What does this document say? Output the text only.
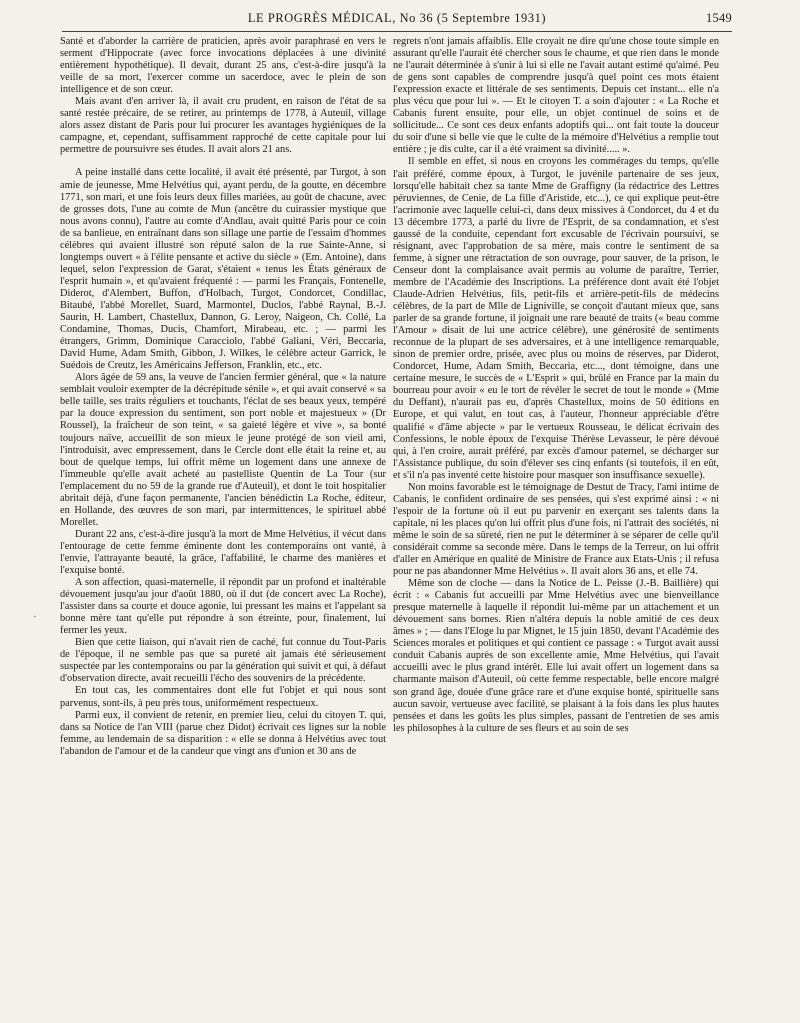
LE PROGRÈS MÉDICAL, No 36 (5 Septembre 1931)	1549
·

Santé et d'aborder la carrière de praticien, après avoir paraphrasé en vers le serment d'Hippocrate (avec force invocations déplacées à une divinité entièrement hypothétique). Il devait, durant 25 ans, c'est-à-dire jusqu'à la veille de sa mort, l'exercer comme un sacerdoce, avec le plein de son intelligence et de son cœur.

Mais avant d'en arriver là, il avait cru prudent, en raison de l'état de sa santé restée précaire, de se retirer, au printemps de 1778, à Auteuil, village alors assez distant de Paris pour lui procurer les avantages hygiéniques de la campagne, et, cependant, suffisamment rapproché de cette capitale pour lui permettre de poursuivre ses études. Il avait alors 21 ans.

A peine installé dans cette localité, il avait été présenté, par Turgot, à son amie de jeunesse, Mme Helvétius qui, ayant perdu, de la goutte, en décembre 1771, son mari, et une fois leurs deux filles mariées, au goût de chacune, avec de grosses dots, l'une au comte de Mun (ancêtre du cuirassier mystique que nous avons connu), l'autre au comte d'Andlau, avait quitté Paris pour ce coin de sa banlieue, en entraînant dans son sillage une partie de l'essaim d'hommes célèbres qui avaient illustré son réputé salon de la rue Sainte-Anne, si longtemps ouvert « à l'élite pensante et active du siècle » (Em. Antoine), dans lequel, selon l'expression de Garat, s'étaient « tenus les États généraux de l'esprit humain », et qu'avaient fréquenté : — parmi les Français, Fontenelle, Diderot, d'Alembert, Buffon, d'Holbach, Turgot, Condorcet, Condillac, Bitaubé, l'abbé Morellet, Suard, Marmontel, Duclos, l'abbé Raynal, B.-J. Saurin, H. Lambert, Chastellux, Dannon, G. Leroy, Naigeon, Ch. Collé, La Condamine, Thomas, Ducis, Chamfort, Mirabeau, etc. ; — parmi les étrangers, Grimm, Dominique Caracciolo, l'abbé Galiani, Véri, Beccaria, David Hume, Adam Smith, Gibbon, J. Wilkes, le célèbre acteur Garrick, le Suédois de Creutz, les Américains Jefferson, Franklin, etc., etc.

Alors âgée de 59 ans, la veuve de l'ancien fermier général, que « la nature semblait vouloir exempter de la décrépitude sénile », et qui avait conservé « sa belle taille, ses traits réguliers et touchants, l'éclat de ses beaux yeux, tempéré par la douce expression du sentiment, son port noble et majestueux » (Dr Roussel), la fraîcheur de son teint, « sa gaieté légère et vive », sa bonté toujours naïve, accueillit de son mieux le jeune protégé de son vieil ami, l'introduisit, avec empressement, dans le Cercle dont elle était la reine et, au bout de quelque temps, lui offrit même un logement dans une annexe de l'immeuble qu'elle avait acheté au pastelliste Quentin de La Tour (sur l'emplacement du no 59 de la grande rue d'Auteuil), et dont le toit hospitalier abritait déjà, d'une façon permanente, l'ancien bénédictin La Roche, éditeur, en Hollande, des œuvres de son mari, par intermittences, le spirituel abbé Morellet.

Durant 22 ans, c'est-à-dire jusqu'à la mort de Mme Helvétius, il vécut dans l'entourage de cette femme éminente dont les contemporains ont vanté, à l'envie, l'attrayante beauté, la grâce, l'affabilité, le charme des manières et l'exquise bonté.

A son affection, quasi-maternelle, il répondit par un profond et inaltérable dévouement jusqu'au jour d'août 1880, où il dut (de concert avec La Roche), l'assister dans sa courte et douce agonie, lui pressant les mains et l'appelant sa bonne mère tant qu'elle put répondre à son étreinte, pour, finalement, lui fermer les yeux.

Bien que cette liaison, qui n'avait rien de caché, fut connue du Tout-Paris de l'époque, il ne semble pas que sa pureté ait jamais été sérieusement suspectée par les contemporains ou par la génération qui suivit et qui, à défaut d'observation directe, avait recueilli l'écho des souvenirs de la précédente.

En tout cas, les commentaires dont elle fut l'objet et qui nous sont parvenus, sont-ils, à peu près tous, uniformément respectueux.

Parmi eux, il convient de retenir, en premier lieu, celui du citoyen T. qui, dans sa Notice de l'an VIII (parue chez Didot) écrivait ces lignes sur la noble femme, au lendemain de sa disparition : « elle se donna à Helvétius avec tout l'abandon de l'amour et de la candeur que vingt ans d'union et 30 ans de

regrets n'ont jamais affaiblis. Elle croyait ne dire qu'une chose toute simple en assurant qu'elle l'aurait été chercher sous le chaume, et que rien dans le monde ne l'aurait déterminée à s'unir à lui si elle ne l'avait autant estimé qu'aimé. Peu de gens sont capables de comprendre jusqu'à quel point ces mots étaient l'expression exacte et littérale de ses sentiments. Depuis cet instant... elle n'a plus vécu que pour lui ». — Et le citoyen T. a soin d'ajouter : « La Roche et Cabanis furent ensuite, pour elle, un objet continuel de soins et de sollicitude... Ce sont ces deux enfants adoptifs qui... ont fait toute la douceur du soir d'une si belle vie que le culte de la mémoire d'Helvétius a remplie tout entière ; je dis culte, car il a été vraiment sa divinité..... ».

Il semble en effet, si nous en croyons les commérages du temps, qu'elle l'ait préféré, comme époux, à Turgot, le juvénile partenaire de ses jeux, lorsqu'elle habitait chez sa tante Mme de Graffigny (la rédactrice des Lettres péruviennes, de Cenie, de La fille d'Aristide, etc...), ce qui explique peut-être l'acrimonie avec laquelle celui-ci, dans deux missives à Condorcet, du 4 et du 13 décembre 1773, a parlé du livre de l'Esprit, de sa condamnation, et s'est gaussé de la conduite, cependant fort excusable de l'écrivain poursuivi, se résignant, avec l'approbation de sa mère, mais contre le sentiment de sa femme, à signer une rétractation de son ouvrage, pour sauver, de la prison, le Censeur dont la complaisance avait permis au volume de paraître, Terrier, membre de l'Académie des Inscriptions. La préférence dont avait été l'objet Claude-Adrien Helvétius, fils, petit-fils et arrière-petit-fils de médecins célèbres, de la part de Mlle de Ligniville, se conçoit d'autant mieux que, sans parler de sa grande fortune, il joignait une rare beauté de traits (« beau comme l'Amour » disait de lui une actrice célèbre), une générosité de sentiments reconnue de la plupart de ses adversaires, et à une intelligence remarquable, sinon de premier ordre, prisée, avec plus ou moins de réserves, par Diderot, Condorcet, Hume, Adam Smith, Beccaria, etc..., dont témoigne, dans une certaine mesure, le succès de « L'Esprit » qui, brûlé en France par la main du bourreau pour avoir « eu le tort de révéler le secret de tout le monde » (Mme du Deffant), n'aurait pas eu, d'après Chastellux, moins de 50 éditions en Europe, et qui valut, en tout cas, à l'auteur, l'honneur appréciable d'être qualifié « d'âme abjecte » par le vertueux Rousseau, le délicat écrivain des Confessions, le noble époux de l'exquise Thérèse Levasseur, le père dévoué qui, à l'en croire, aurait préféré, par excès d'amour paternel, se décharger sur l'Assistance publique, du soin d'élever ses cinq enfants (si toutefois, il en eût, et s'il n'a pas inventé cette histoire pour masquer son insuffisance sexuelle).

Non moins favorable est le témoignage de Destut de Tracy, l'ami intime de Cabanis, le confident ordinaire de ses pensées, qui s'est exprimé ainsi : « ni l'espoir de la fortune où il eut pu parvenir en exerçant ses talents dans la capitale, ni les places qu'on lui offrit plus d'une fois, ni l'attrait des sociétés, ni même le soin de sa sûreté, rien ne put le déterminer à se séparer de celle qu'il considérait comme sa seconde mère. Dans le temps de la Terreur, on lui offrit d'aller en Amérique en qualité de Ministre de France aux Etats-Unis ; il refusa pour ne pas abandonner Mme Helvétius ». Il avait alors 36 ans, et elle 74.

Même son de cloche — dans la Notice de L. Peisse (J.-B. Baillière) qui écrit : « Cabanis fut accueilli par Mme Helvétius avec une bienveillance presque maternelle à laquelle il répondit lui-même par un attachement et un dévouement sans bornes. Rien n'altéra depuis la noble amitié de ces deux âmes » ; — dans l'Eloge lu par Mignet, le 15 juin 1850, devant l'Académie des Sciences morales et politiques et qui contient ce passage : « Turgot avait aussi conduit Cabanis auprès de son excellente amie, Mme Helvétius, qui l'avait accueilli avec le plus grand intérêt. Elle lui avait offert un logement dans sa charmante maison d'Auteuil, où cette femme respectable, belle encore malgré son grand âge, douée d'une grâce rare et d'une exquise bonté, spirituelle sans aucun savoir, vertueuse avec facilité, se plaisant à la fois dans les plus hautes pensées et dans les goûts les plus simples, passant de l'entretien de ses amis les philosophes à la culture de ses fleurs et au soin de ses
